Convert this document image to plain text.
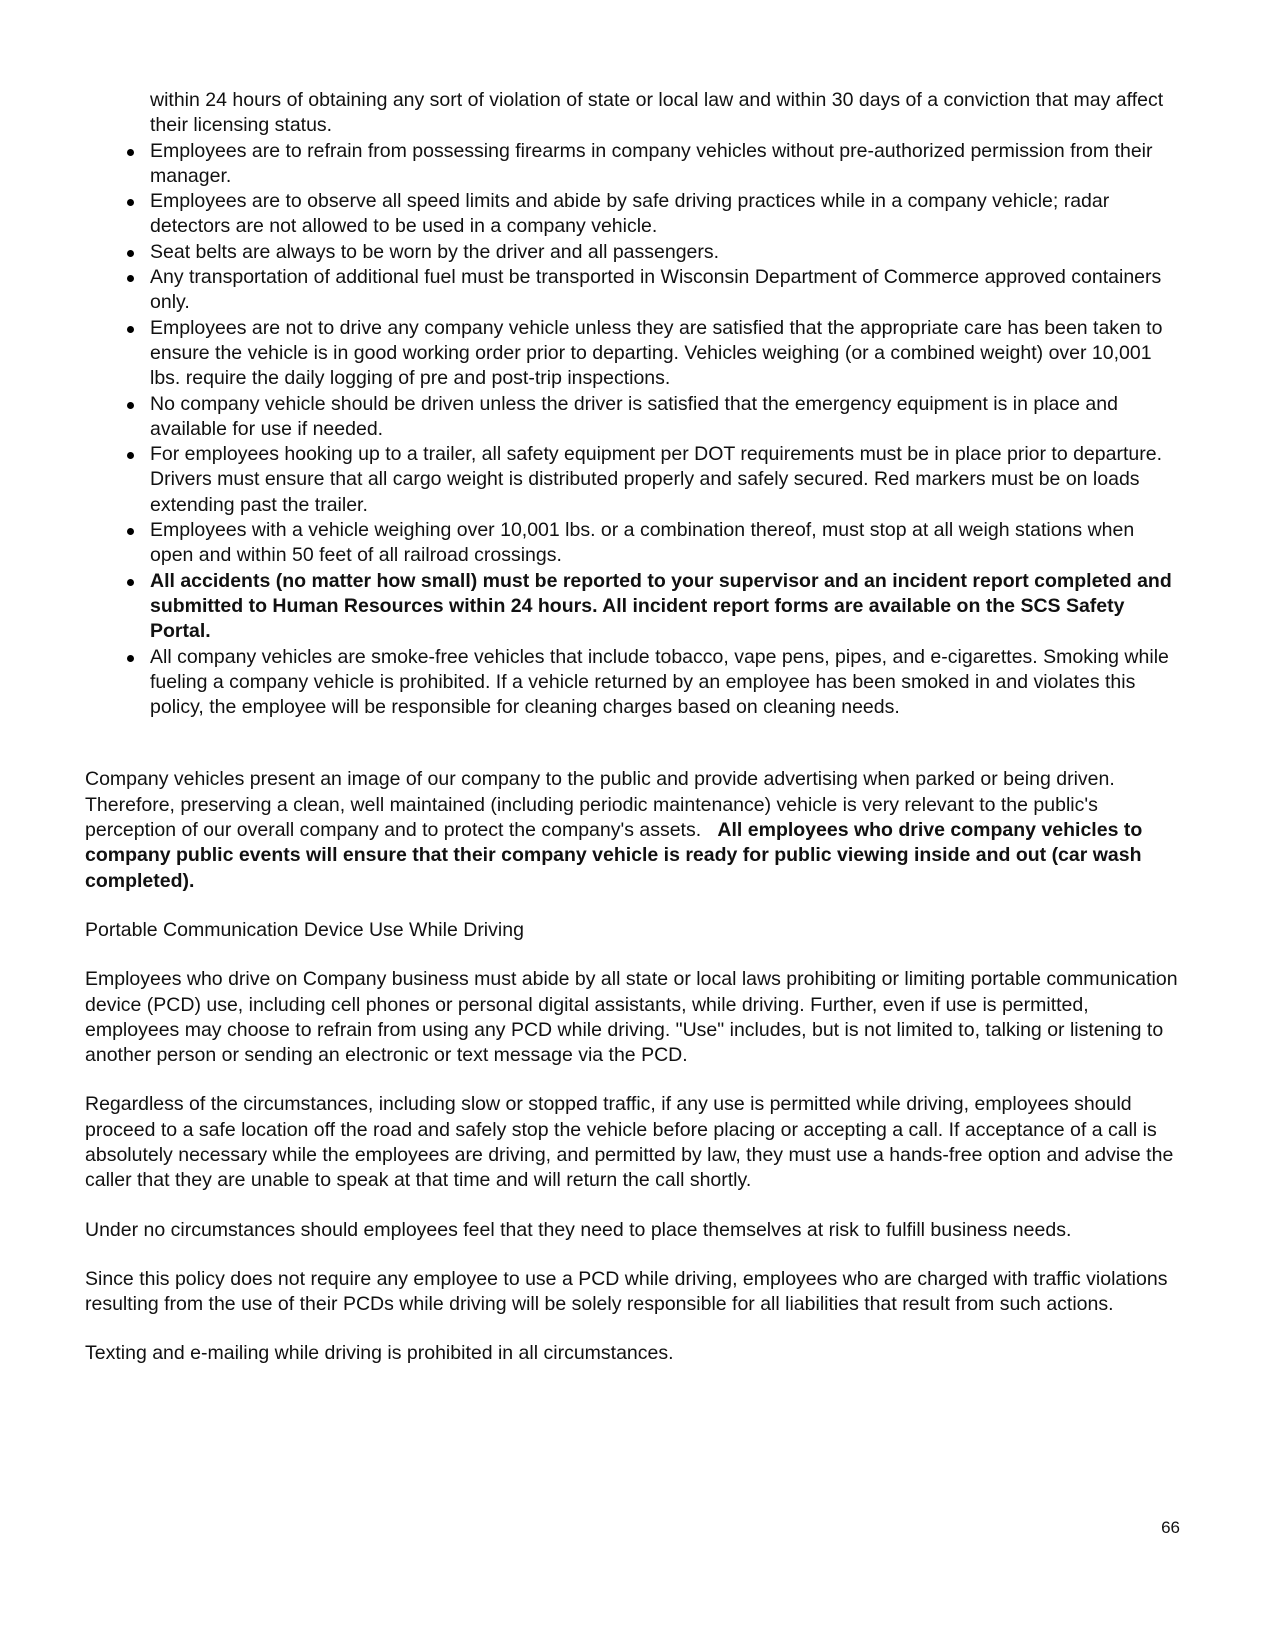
within 24 hours of obtaining any sort of violation of state or local law and within 30 days of a conviction that may affect their licensing status.
Employees are to refrain from possessing firearms in company vehicles without pre-authorized permission from their manager.
Employees are to observe all speed limits and abide by safe driving practices while in a company vehicle; radar detectors are not allowed to be used in a company vehicle.
Seat belts are always to be worn by the driver and all passengers.
Any transportation of additional fuel must be transported in Wisconsin Department of Commerce approved containers only.
Employees are not to drive any company vehicle unless they are satisfied that the appropriate care has been taken to ensure the vehicle is in good working order prior to departing. Vehicles weighing (or a combined weight) over 10,001 lbs. require the daily logging of pre and post-trip inspections.
No company vehicle should be driven unless the driver is satisfied that the emergency equipment is in place and available for use if needed.
For employees hooking up to a trailer, all safety equipment per DOT requirements must be in place prior to departure. Drivers must ensure that all cargo weight is distributed properly and safely secured. Red markers must be on loads extending past the trailer.
Employees with a vehicle weighing over 10,001 lbs. or a combination thereof, must stop at all weigh stations when open and within 50 feet of all railroad crossings.
All accidents (no matter how small) must be reported to your supervisor and an incident report completed and submitted to Human Resources within 24 hours. All incident report forms are available on the SCS Safety Portal.
All company vehicles are smoke-free vehicles that include tobacco, vape pens, pipes, and e-cigarettes. Smoking while fueling a company vehicle is prohibited. If a vehicle returned by an employee has been smoked in and violates this policy, the employee will be responsible for cleaning charges based on cleaning needs.

Company vehicles present an image of our company to the public and provide advertising when parked or being driven. Therefore, preserving a clean, well maintained (including periodic maintenance) vehicle is very relevant to the public's perception of our overall company and to protect the company's assets. All employees who drive company vehicles to company public events will ensure that their company vehicle is ready for public viewing inside and out (car wash completed).

Portable Communication Device Use While Driving

Employees who drive on Company business must abide by all state or local laws prohibiting or limiting portable communication device (PCD) use, including cell phones or personal digital assistants, while driving. Further, even if use is permitted, employees may choose to refrain from using any PCD while driving. "Use" includes, but is not limited to, talking or listening to another person or sending an electronic or text message via the PCD.

Regardless of the circumstances, including slow or stopped traffic, if any use is permitted while driving, employees should proceed to a safe location off the road and safely stop the vehicle before placing or accepting a call. If acceptance of a call is absolutely necessary while the employees are driving, and permitted by law, they must use a hands-free option and advise the caller that they are unable to speak at that time and will return the call shortly.

Under no circumstances should employees feel that they need to place themselves at risk to fulfill business needs.

Since this policy does not require any employee to use a PCD while driving, employees who are charged with traffic violations resulting from the use of their PCDs while driving will be solely responsible for all liabilities that result from such actions.

Texting and e-mailing while driving is prohibited in all circumstances.

66
